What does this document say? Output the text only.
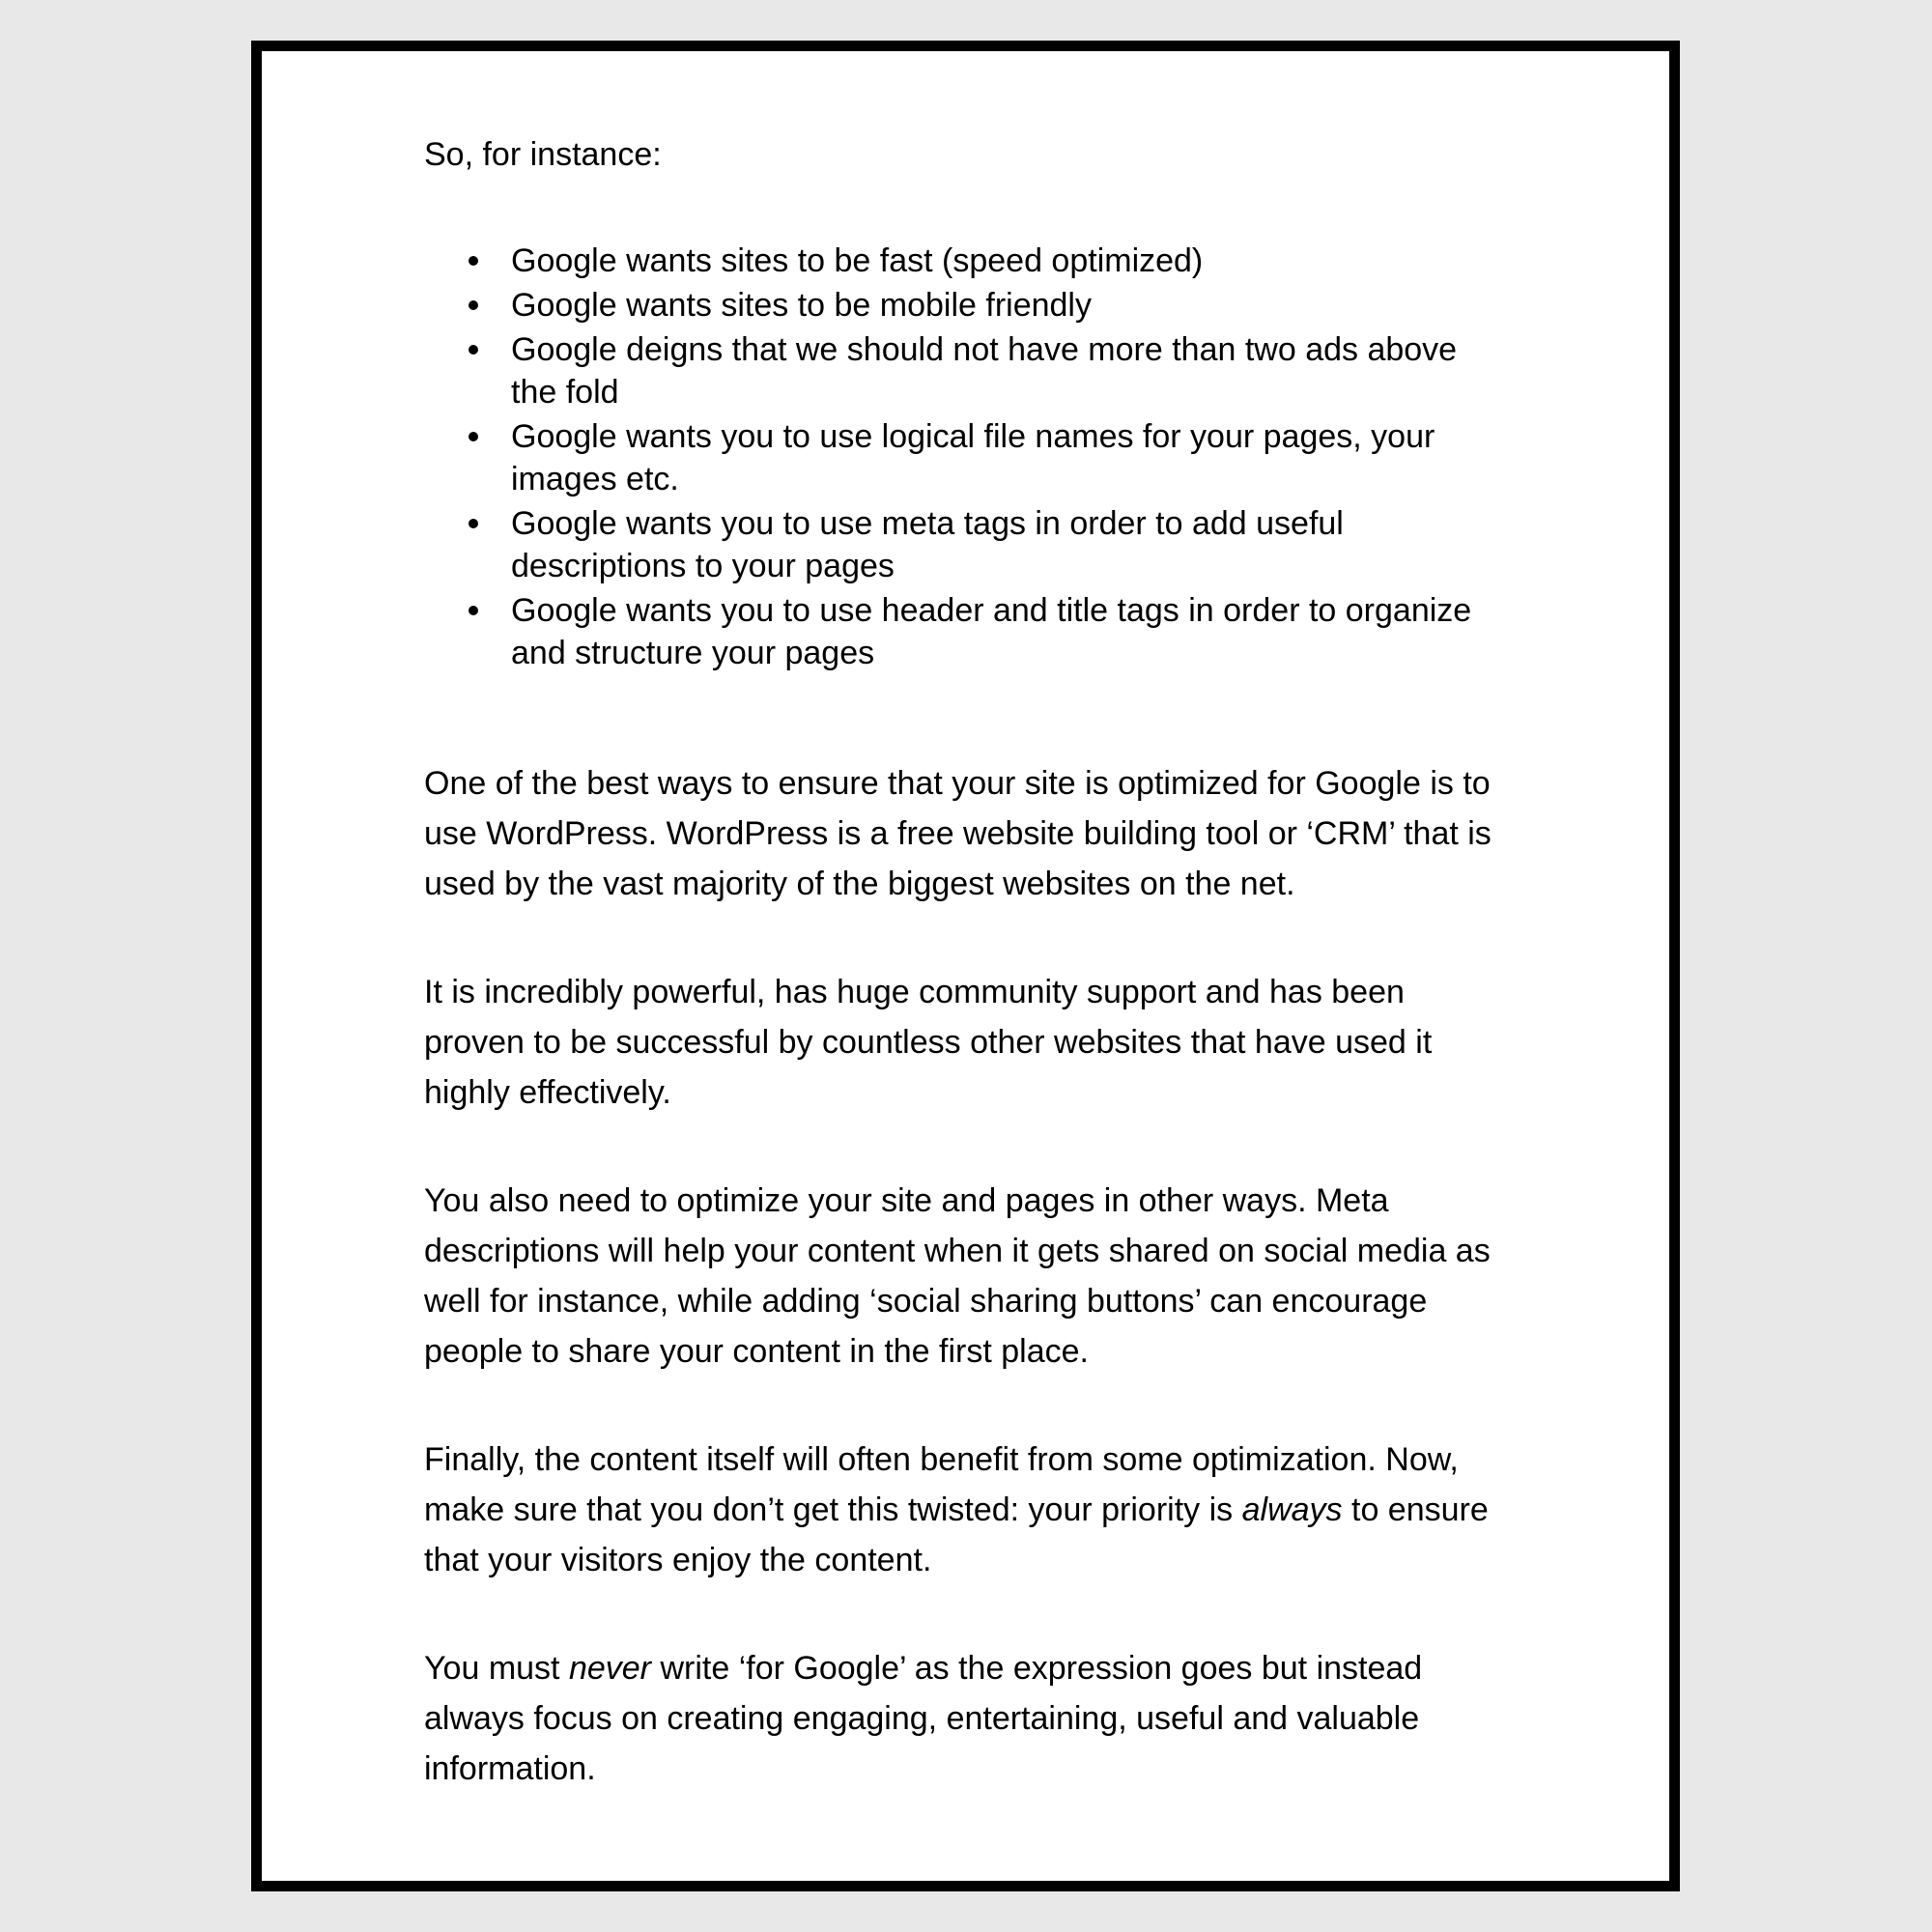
So, for instance:

Google wants sites to be fast (speed optimized)
Google wants sites to be mobile friendly
Google deigns that we should not have more than two ads above the fold
Google wants you to use logical file names for your pages, your images etc.
Google wants you to use meta tags in order to add useful descriptions to your pages
Google wants you to use header and title tags in order to organize and structure your pages

One of the best ways to ensure that your site is optimized for Google is to use WordPress. WordPress is a free website building tool or ‘CRM’ that is used by the vast majority of the biggest websites on the net.

It is incredibly powerful, has huge community support and has been proven to be successful by countless other websites that have used it highly effectively.

You also need to optimize your site and pages in other ways. Meta descriptions will help your content when it gets shared on social media as well for instance, while adding ‘social sharing buttons’ can encourage people to share your content in the first place.

Finally, the content itself will often benefit from some optimization. Now, make sure that you don’t get this twisted: your priority is always to ensure that your visitors enjoy the content.

You must never write ‘for Google’ as the expression goes but instead always focus on creating engaging, entertaining, useful and valuable information.
